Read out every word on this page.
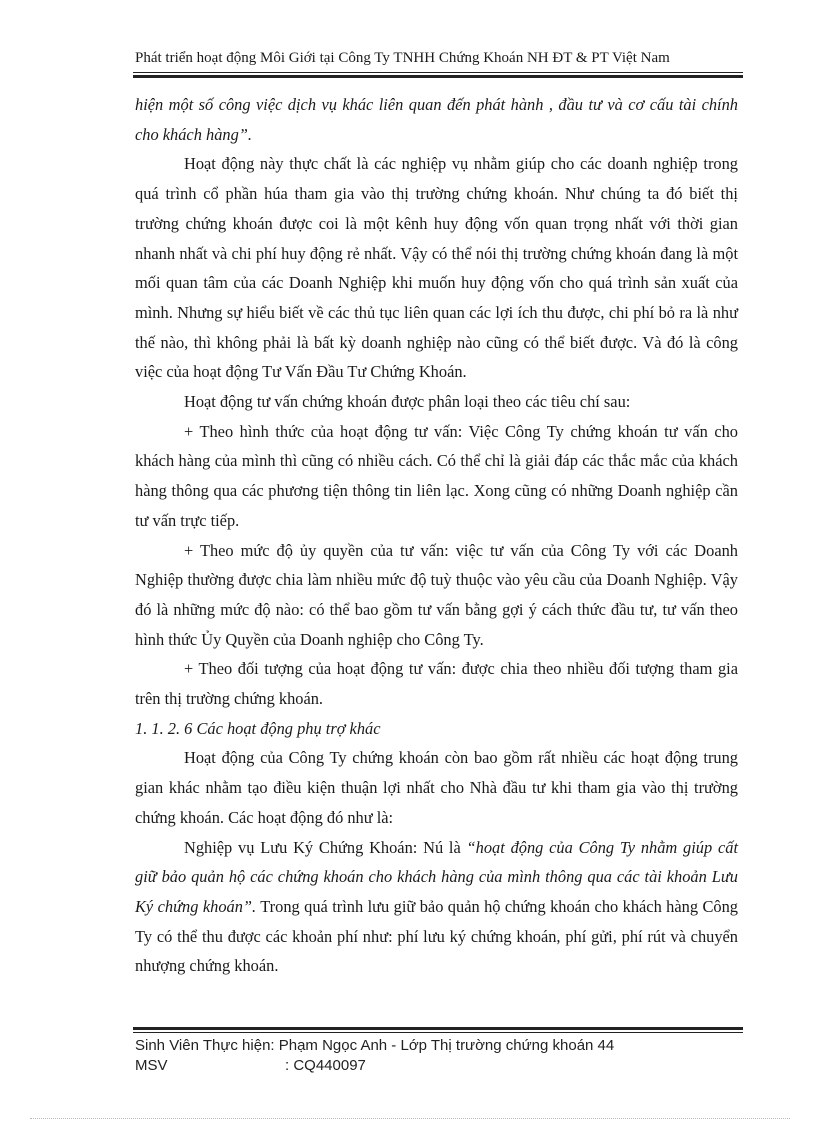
Phát triển hoạt động Môi Giới tại Công Ty TNHH Chứng Khoán NH ĐT & PT Việt Nam

hiện một số công việc dịch vụ khác liên quan đến phát hành , đầu tư và cơ cấu tài chính cho khách hàng”.

Hoạt động này thực chất là các nghiệp vụ nhằm giúp cho các doanh nghiệp trong quá trình cổ phần húa tham gia vào thị trường chứng khoán. Như chúng ta đó biết thị trường chứng khoán được coi là một kênh huy động vốn quan trọng nhất với thời gian nhanh nhất và chi phí huy động rẻ nhất. Vậy có thể nói thị trường chứng khoán đang là một mối quan tâm của các Doanh Nghiệp khi muốn huy động vốn cho quá trình sản xuất của mình. Nhưng sự hiểu biết về các thủ tục liên quan các lợi ích thu được, chi phí bỏ ra là như thế nào, thì không phải là bất kỳ doanh nghiệp nào cũng có thể biết được. Và đó là công việc của hoạt động Tư Vấn Đầu Tư Chứng Khoán.

Hoạt động tư vấn chứng khoán được phân loại theo các tiêu chí sau:

+ Theo hình thức của hoạt động tư vấn: Việc Công Ty chứng khoán tư vấn cho khách hàng của mình thì cũng có nhiều cách. Có thể chỉ là giải đáp các thắc mắc của khách hàng thông qua các phương tiện thông tin liên lạc. Xong cũng có những Doanh nghiệp cần tư vấn trực tiếp.

+ Theo mức độ ủy quyền của tư vấn: việc tư vấn của Công Ty với các Doanh Nghiệp thường được chia làm nhiều mức độ tuỳ thuộc vào yêu cầu của Doanh Nghiệp. Vậy đó là những mức độ nào: có thể bao gồm tư vấn bằng gợi ý cách thức đầu tư, tư vấn theo hình thức Ủy Quyền của Doanh nghiệp cho Công Ty.

+ Theo đối tượng của hoạt động tư vấn: được chia theo nhiều đối tượng tham gia trên thị trường chứng khoán.

1. 1. 2. 6 Các hoạt động phụ trợ khác

Hoạt động của Công Ty chứng khoán còn bao gồm rất nhiều các hoạt động trung gian khác nhằm tạo điều kiện thuận lợi nhất cho Nhà đầu tư khi tham gia vào thị trường chứng khoán. Các hoạt động đó như là:

Nghiệp vụ Lưu Ký Chứng Khoán: Nú là “hoạt động của Công Ty nhằm giúp cất giữ bảo quản hộ các chứng khoán cho khách hàng của mình thông qua các tài khoản Lưu Ký chứng khoán”. Trong quá trình lưu giữ bảo quản hộ chứng khoán cho khách hàng Công Ty có thể thu được các khoản phí như: phí lưu ký chứng khoán, phí gửi, phí rút và chuyển nhượng chứng khoán.

Sinh Viên Thực hiện: Phạm Ngọc Anh - Lớp Thị trường chứng khoán 44
MSV	: CQ440097
